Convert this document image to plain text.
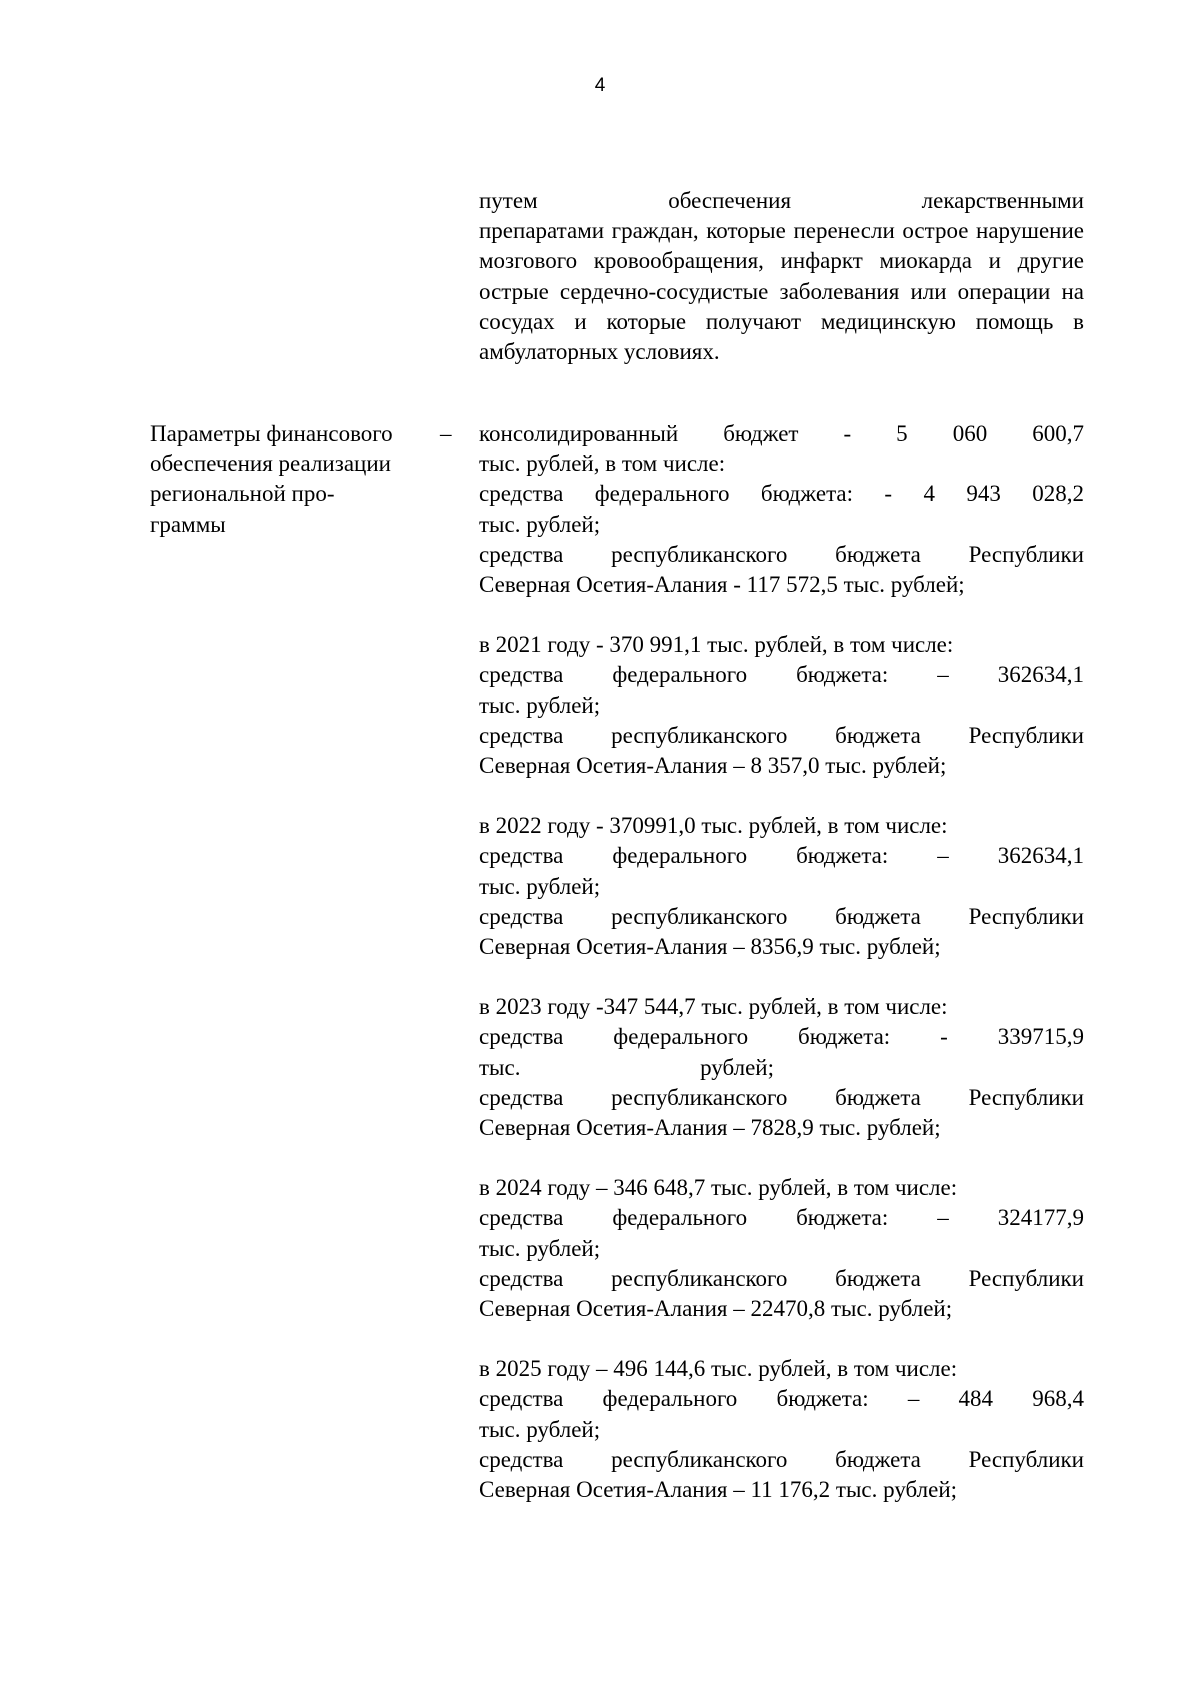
4
путем обеспечения лекарственными
препаратами граждан, которые перенесли острое нарушение мозгового кровообращения, инфаркт миокарда и другие острые сердечно-сосудистые заболевания или операции на сосудах и которые получают медицинскую помощь в амбулаторных условиях.
Параметры финансового
обеспечения реализации
региональной про-
граммы
– консолидированный бюджет - 5 060 600,7
тыс. рублей, в том числе:
средства федерального бюджета: - 4 943 028,2
тыс. рублей;
средства республиканского бюджета Республики
Северная Осетия-Алания - 117 572,5 тыс. рублей;
в 2021 году - 370 991,1 тыс. рублей, в том числе:
средства федерального бюджета: – 362634,1
тыс. рублей;
средства республиканского бюджета Республики
Северная Осетия-Алания – 8 357,0 тыс. рублей;
в 2022 году - 370991,0 тыс. рублей, в том числе:
средства федерального бюджета: – 362634,1
тыс. рублей;
средства республиканского бюджета Республики
Северная Осетия-Алания – 8356,9 тыс. рублей;
в 2023 году -347 544,7 тыс. рублей, в том числе:
средства федерального бюджета: - 339715,9
тыс. рублей;
средства республиканского бюджета Республики
Северная Осетия-Алания – 7828,9 тыс. рублей;
в 2024 году – 346 648,7 тыс. рублей, в том числе:
средства федерального бюджета: – 324177,9
тыс. рублей;
средства республиканского бюджета Республики
Северная Осетия-Алания – 22470,8 тыс. рублей;
в 2025 году – 496 144,6 тыс. рублей, в том числе:
средства федерального бюджета: – 484 968,4
тыс. рублей;
средства республиканского бюджета Республики
Северная Осетия-Алания – 11 176,2 тыс. рублей;
